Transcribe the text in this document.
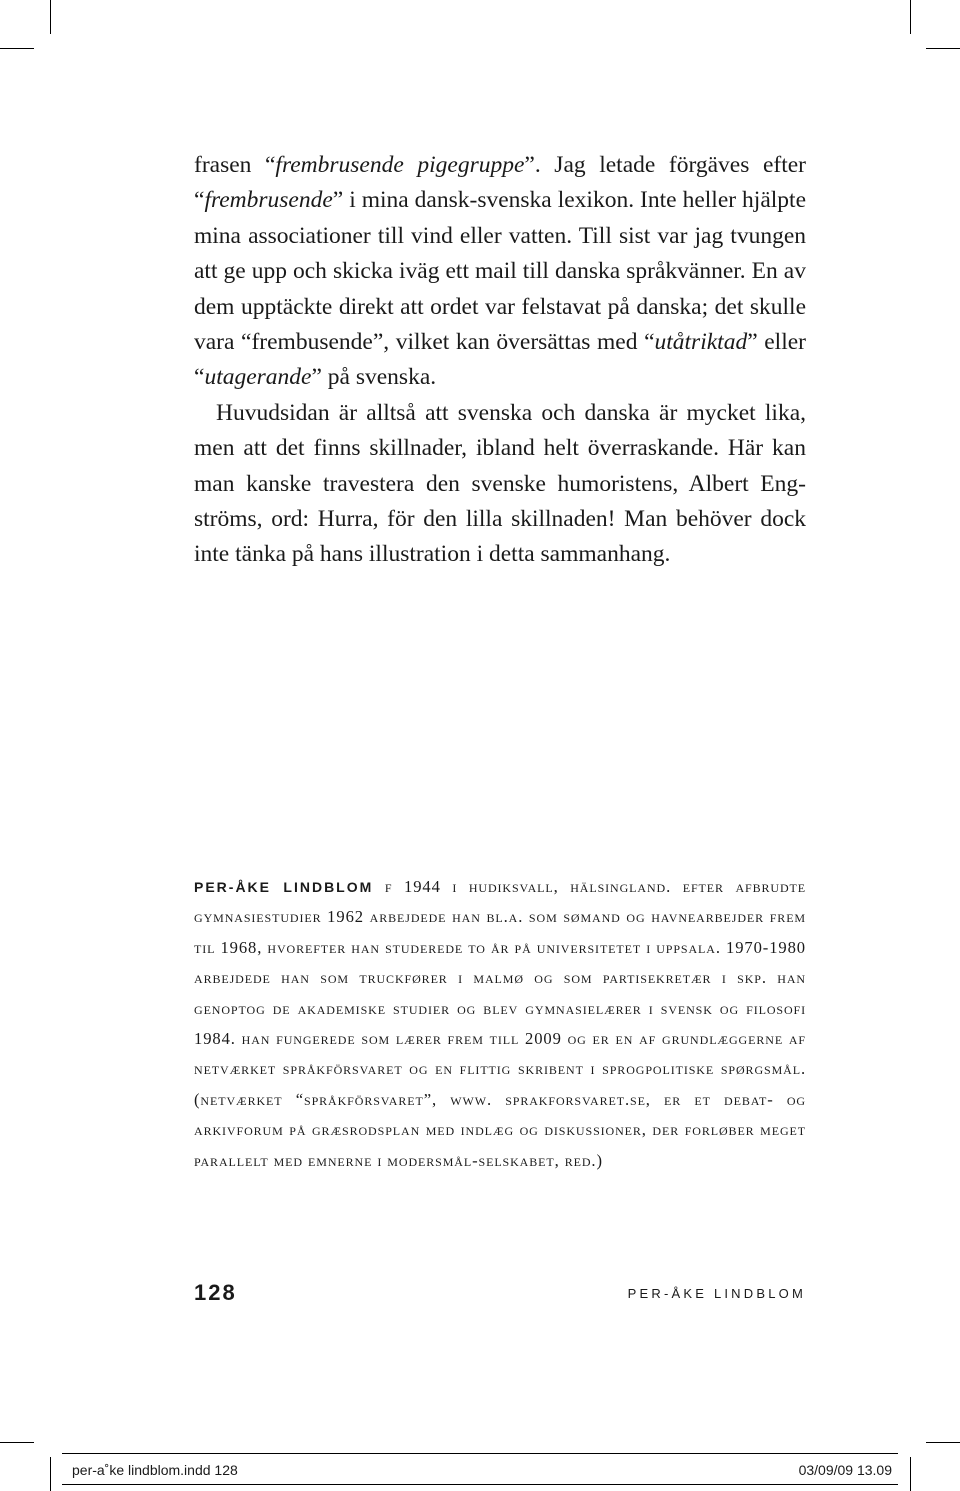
frasen “frembrusende pigegruppe”. Jag letade förgäves efter “frembrusende” i mina dansk-svenska lexikon. Inte heller hjälpte mina associationer till vind eller vatten. Till sist var jag tvungen att ge upp och skicka iväg ett mail till danska språkvänner. En av dem upptäckte direkt att ordet var felstavat på danska; det skulle vara “frembusende”, vilket kan översättas med “utåtriktad” eller “utagerande” på svenska.

Huvudsidan är alltså att svenska och danska är mycket lika, men att det finns skillnader, ibland helt överraskande. Här kan man kanske travestera den svenske humoristens, Albert Engströms, ord: Hurra, för den lilla skillnaden! Man behöver dock inte tänka på hans illustration i detta sammanhang.

PER-ÅKE LINDBLOM f 1944 i hudiksvall, hälsingland. efter afbrudte gymnasiestudier 1962 arbejdede han bl.a. som sømand og havnearbejder frem til 1968, hvorefter han studerede to år på universitetet i uppsala. 1970-1980 arbejdede han som truckfører i malmø og som partisekretær i skp. han genoptog de akademiske studier og blev gymnasielærer i svensk og filosofi 1984. han fungerede som lærer frem till 2009 og er en af grundlæggerne af netværket språkförsvaret og en flittig skribent i sprogpolitiske spørgsmål. (netværket “språkförsvaret”, www. sprakforsvaret.se, er et debat- og arkivforum på græsrodsplan med indlæg og diskussioner, der forløber meget parallelt med emnerne i modersmål-selskabet, red.)

128	PER-ÅKE LINDBLOM
per-a˚ke lindblom.indd 128	03/09/09 13.09
